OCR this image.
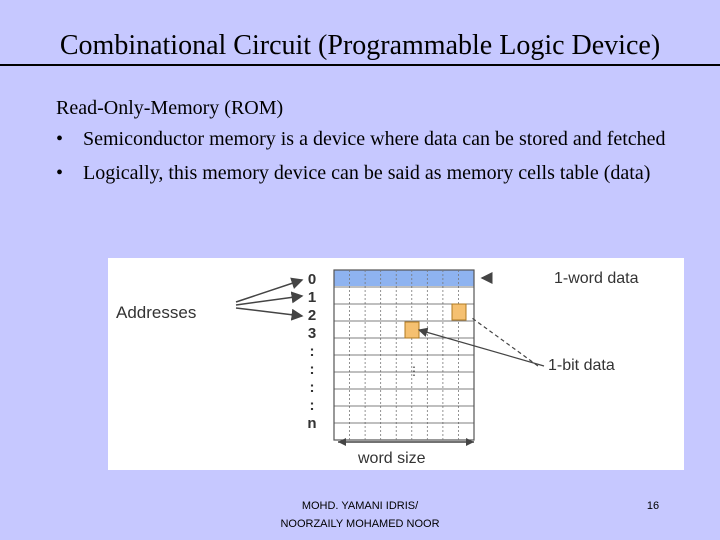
Combinational Circuit (Programmable Logic Device)
Read-Only-Memory (ROM)
• Semiconductor memory is a device where data can be stored and fetched
• Logically, this memory device can be said as memory cells table (data)
Addresses
0
1
2
3
:
:
:
:
n
⋮
1-word data
1-bit data
word size
MOHD. YAMANI IDRIS/
NOORZAILY MOHAMED NOOR
16
